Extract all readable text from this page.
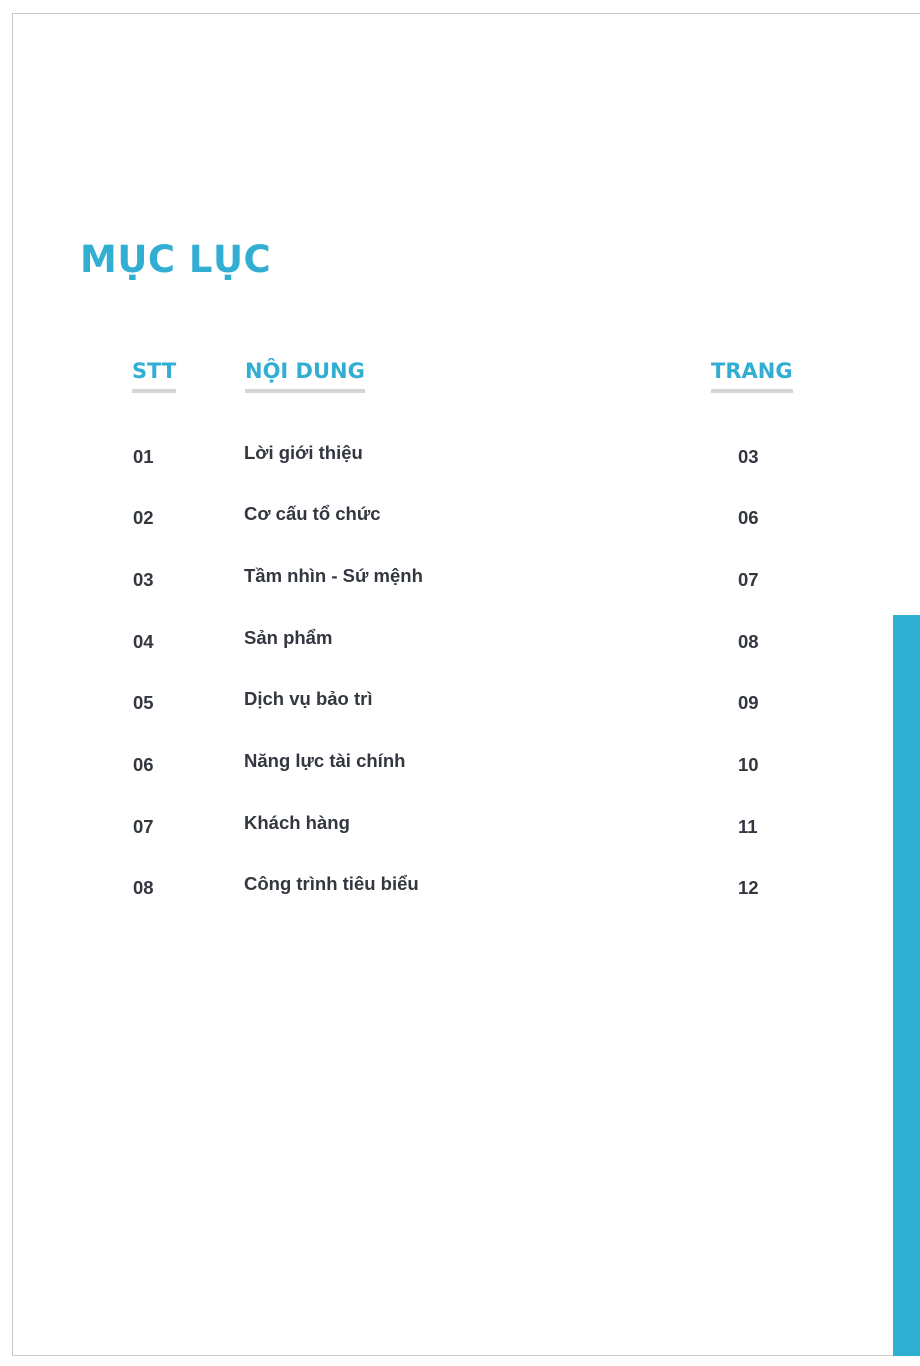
MỤC LỤC
STT	NỘI DUNG	TRANG
01	Lời giới thiệu	03
02	Cơ cấu tổ chức	06
03	Tầm nhìn - Sứ mệnh	07
04	Sản phẩm	08
05	Dịch vụ bảo trì	09
06	Năng lực tài chính	10
07	Khách hàng	11
08	Công trình tiêu biểu	12
